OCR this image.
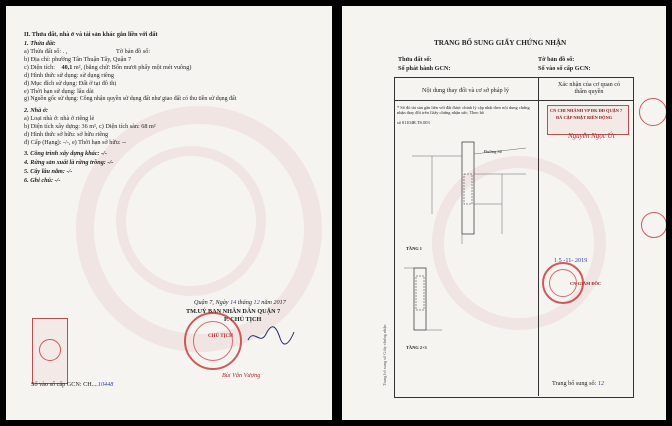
II. Thửa đất, nhà ở và tài sản khác gắn liền với đất
1. Thửa đất:
a) Thửa đất số: . ,	Tờ bản đồ số:
b) Địa chỉ: phường Tân Thuận Tây, Quận 7
c) Diện tích: 40,1 m², (bằng chữ: Bốn mươi phẩy một mét vuông)
d) Hình thức sử dụng: sử dụng riêng
đ) Mục đích sử dụng: Đất ở tại đô thị
e) Thời hạn sử dụng: lâu dài
g) Nguồn gốc sử dụng: Công nhận quyền sử dụng đất như giao đất có thu tiền sử dụng đất
2. Nhà ở:
a) Loại nhà ở: nhà ở riêng lẻ
b) Diện tích xây dựng: 36 m², c) Diện tích sàn: 68 m²
d) Hình thức sở hữu: sở hữu riêng
đ) Cấp (Hạng): -/-, e) Thời hạn sở hữu: --
3. Công trình xây dựng khác: -/-
4. Rừng sản xuất là rừng trồng: -/-
5. Cây lâu năm: -/-
6. Ghi chú: -/-
Quận 7, Ngày 14 tháng 12 năm 2017
TM.UỶ BAN NHÂN DÂN QUẬN 7
P. CHỦ TỊCH
CHỦ TỊCH
Bùi Văn Vượng
Số vào sổ cấp GCN: CH....10448
TRANG BỔ SUNG GIẤY CHỨNG NHẬN
Thửa đất số:	Tờ bản đồ số:
Số phát hành GCN:	Số vào sổ cấp GCN:
Nội dung thay đổi và cơ sở pháp lý
Xác nhận của cơ quan có thẩm quyền
* Số đỏ tài sản gắn liền với đất được chỉnh lý cập nhật theo nội dung chứng nhận thay đổi trên Giấy chứng nhận sức; Theo hồ
số 01104R.TS.003
CN CHI NHÁNH VP ĐK ĐĐ QUẬN 7
ĐÃ CẬP NHẬT BIẾN ĐỘNG
Nguyễn Ngọc Út
1 5 -11- 2019
CN-GIÁM ĐỐC
Đường Số
TẦNG 1
TẦNG 2+3
Trang bổ sung số Giấy chứng nhận	Trang bổ sung số: 12
